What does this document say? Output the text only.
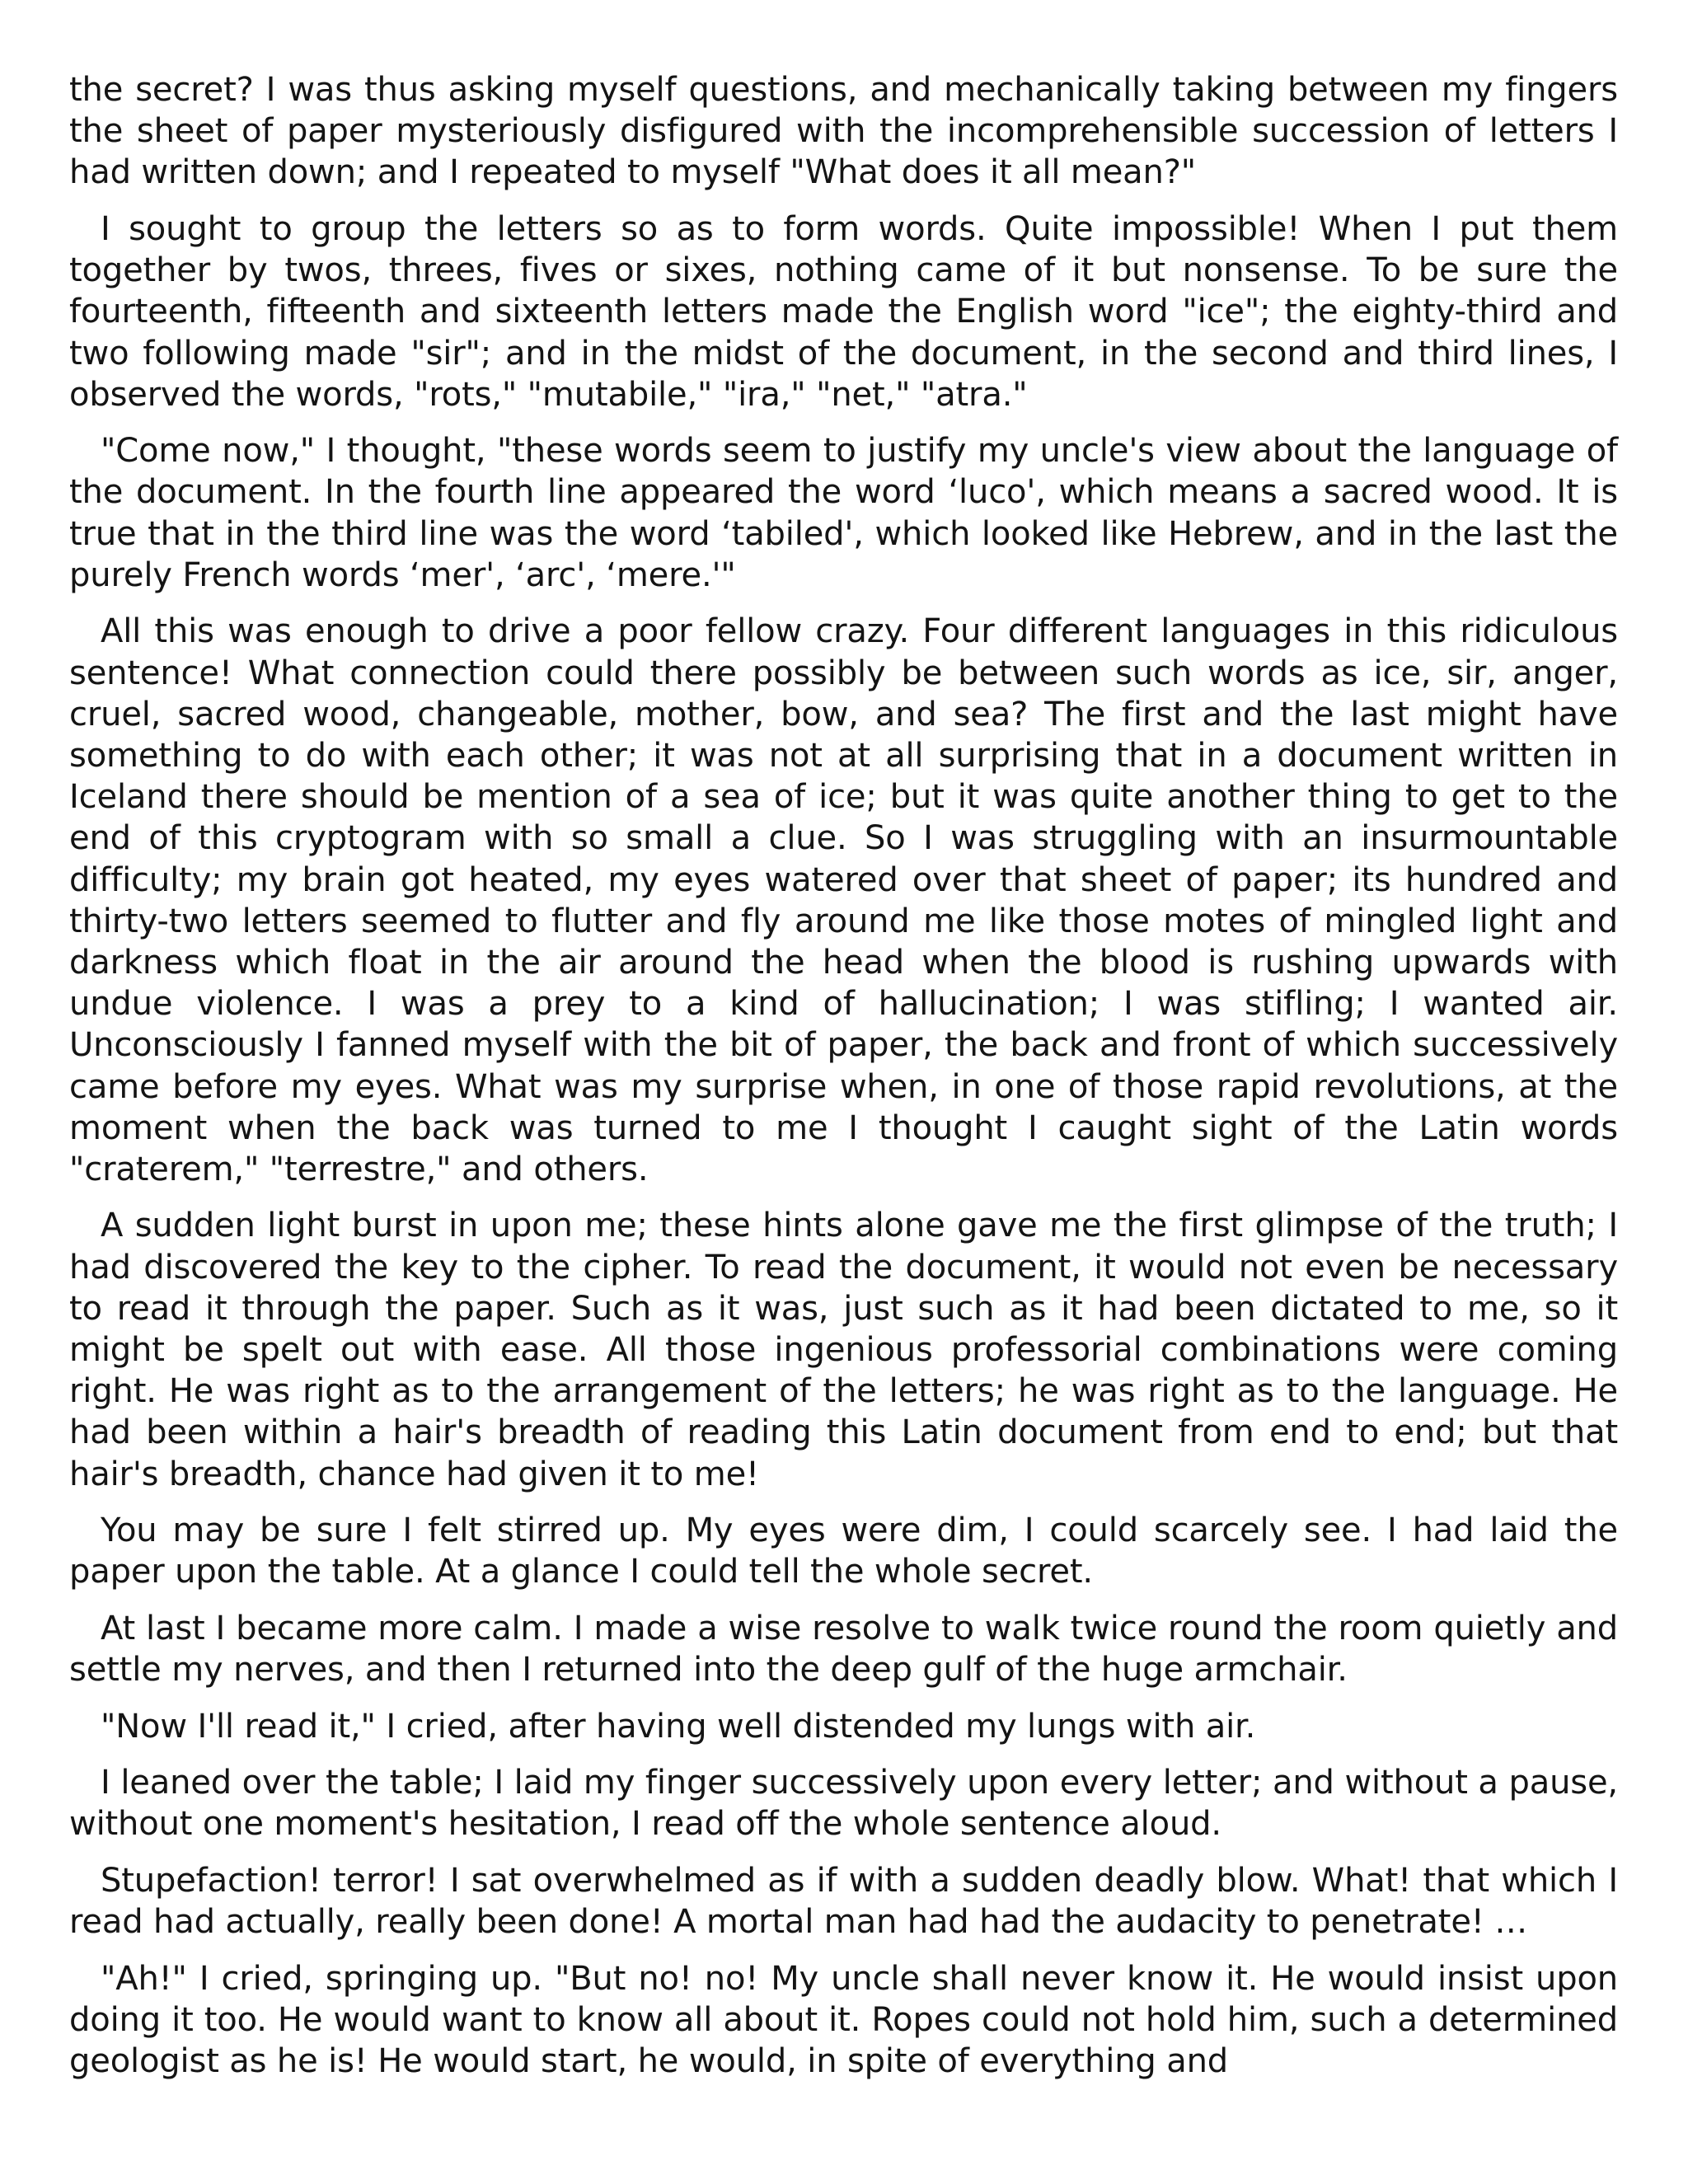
the secret? I was thus asking myself questions, and mechanically taking between my fingers the sheet of paper mysteriously disfigured with the incomprehensible succession of letters I had written down; and I repeated to myself "What does it all mean?"

I sought to group the letters so as to form words. Quite impossible! When I put them together by twos, threes, fives or sixes, nothing came of it but nonsense. To be sure the fourteenth, fifteenth and sixteenth letters made the English word "ice"; the eighty-third and two following made "sir"; and in the midst of the document, in the second and third lines, I observed the words, "rots," "mutabile," "ira," "net," "atra."

"Come now," I thought, "these words seem to justify my uncle's view about the language of the document. In the fourth line appeared the word ‘luco', which means a sacred wood. It is true that in the third line was the word ‘tabiled', which looked like Hebrew, and in the last the purely French words ‘mer', ‘arc', ‘mere.'"

All this was enough to drive a poor fellow crazy. Four different languages in this ridiculous sentence! What connection could there possibly be between such words as ice, sir, anger, cruel, sacred wood, changeable, mother, bow, and sea? The first and the last might have something to do with each other; it was not at all surprising that in a document written in Iceland there should be mention of a sea of ice; but it was quite another thing to get to the end of this cryptogram with so small a clue. So I was struggling with an insurmountable difficulty; my brain got heated, my eyes watered over that sheet of paper; its hundred and thirty-two letters seemed to flutter and fly around me like those motes of mingled light and darkness which float in the air around the head when the blood is rushing upwards with undue violence. I was a prey to a kind of hallucination; I was stifling; I wanted air. Unconsciously I fanned myself with the bit of paper, the back and front of which successively came before my eyes. What was my surprise when, in one of those rapid revolutions, at the moment when the back was turned to me I thought I caught sight of the Latin words "craterem," "terrestre," and others.

A sudden light burst in upon me; these hints alone gave me the first glimpse of the truth; I had discovered the key to the cipher. To read the document, it would not even be necessary to read it through the paper. Such as it was, just such as it had been dictated to me, so it might be spelt out with ease. All those ingenious professorial combinations were coming right. He was right as to the arrangement of the letters; he was right as to the language. He had been within a hair's breadth of reading this Latin document from end to end; but that hair's breadth, chance had given it to me!

You may be sure I felt stirred up. My eyes were dim, I could scarcely see. I had laid the paper upon the table. At a glance I could tell the whole secret.

At last I became more calm. I made a wise resolve to walk twice round the room quietly and settle my nerves, and then I returned into the deep gulf of the huge armchair.

"Now I'll read it," I cried, after having well distended my lungs with air.

I leaned over the table; I laid my finger successively upon every letter; and without a pause, without one moment's hesitation, I read off the whole sentence aloud.

Stupefaction! terror! I sat overwhelmed as if with a sudden deadly blow. What! that which I read had actually, really been done! A mortal man had had the audacity to penetrate! …

"Ah!" I cried, springing up. "But no! no! My uncle shall never know it. He would insist upon doing it too. He would want to know all about it. Ropes could not hold him, such a determined geologist as he is! He would start, he would, in spite of everything and
